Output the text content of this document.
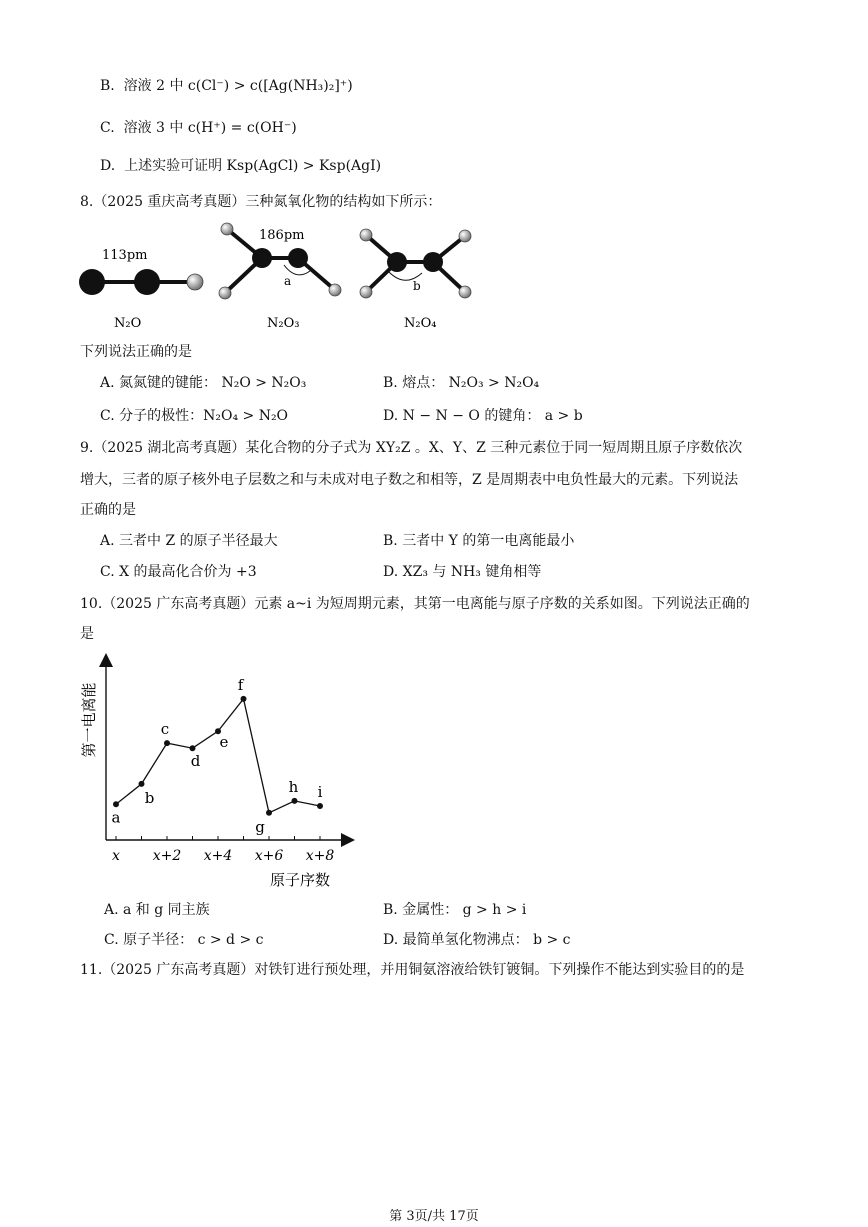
B. 溶液 2 中 c(Cl⁻) > c([Ag(NH₃)₂]⁺)
C. 溶液 3 中 c(H⁺) = c(OH⁻)
D. 上述实验可证明 Ksp(AgCl) > Ksp(AgI)
8.（2025 重庆高考真题）三种氮氧化物的结构如下所示：
113pm
N₂O
186pm
a
N₂O₃
b
N₂O₄
下列说法正确的是
A. 氮氮键的键能： N₂O > N₂O₃	B. 熔点： N₂O₃ > N₂O₄
C. 分子的极性：N₂O₄ > N₂O	D. N − N − O 的键角： a > b
9.（2025 湖北高考真题）某化合物的分子式为 XY₂Z 。X、Y、Z 三种元素位于同一短周期且原子序数依次
增大，三者的原子核外电子层数之和与未成对电子数之和相等，Z 是周期表中电负性最大的元素。下列说法
正确的是
A. 三者中 Z 的原子半径最大	B. 三者中 Y 的第一电离能最小
C. X 的最高化合价为 +3	D. XZ₃ 与 NH₃ 键角相等
10.（2025 广东高考真题）元素 a~i 为短周期元素，其第一电离能与原子序数的关系如图。下列说法正确的
是
x x+2 x+4 x+6 x+8
a
b
c
d
e
f
g
h i
第一电离能
原子序数
A. a 和 g 同主族	B. 金属性： g > h > i
C. 原子半径： c > d > c	D. 最简单氢化物沸点： b > c
11.（2025 广东高考真题）对铁钉进行预处理，并用铜氨溶液给铁钉镀铜。下列操作不能达到实验目的的是
第 3页/共 17页
